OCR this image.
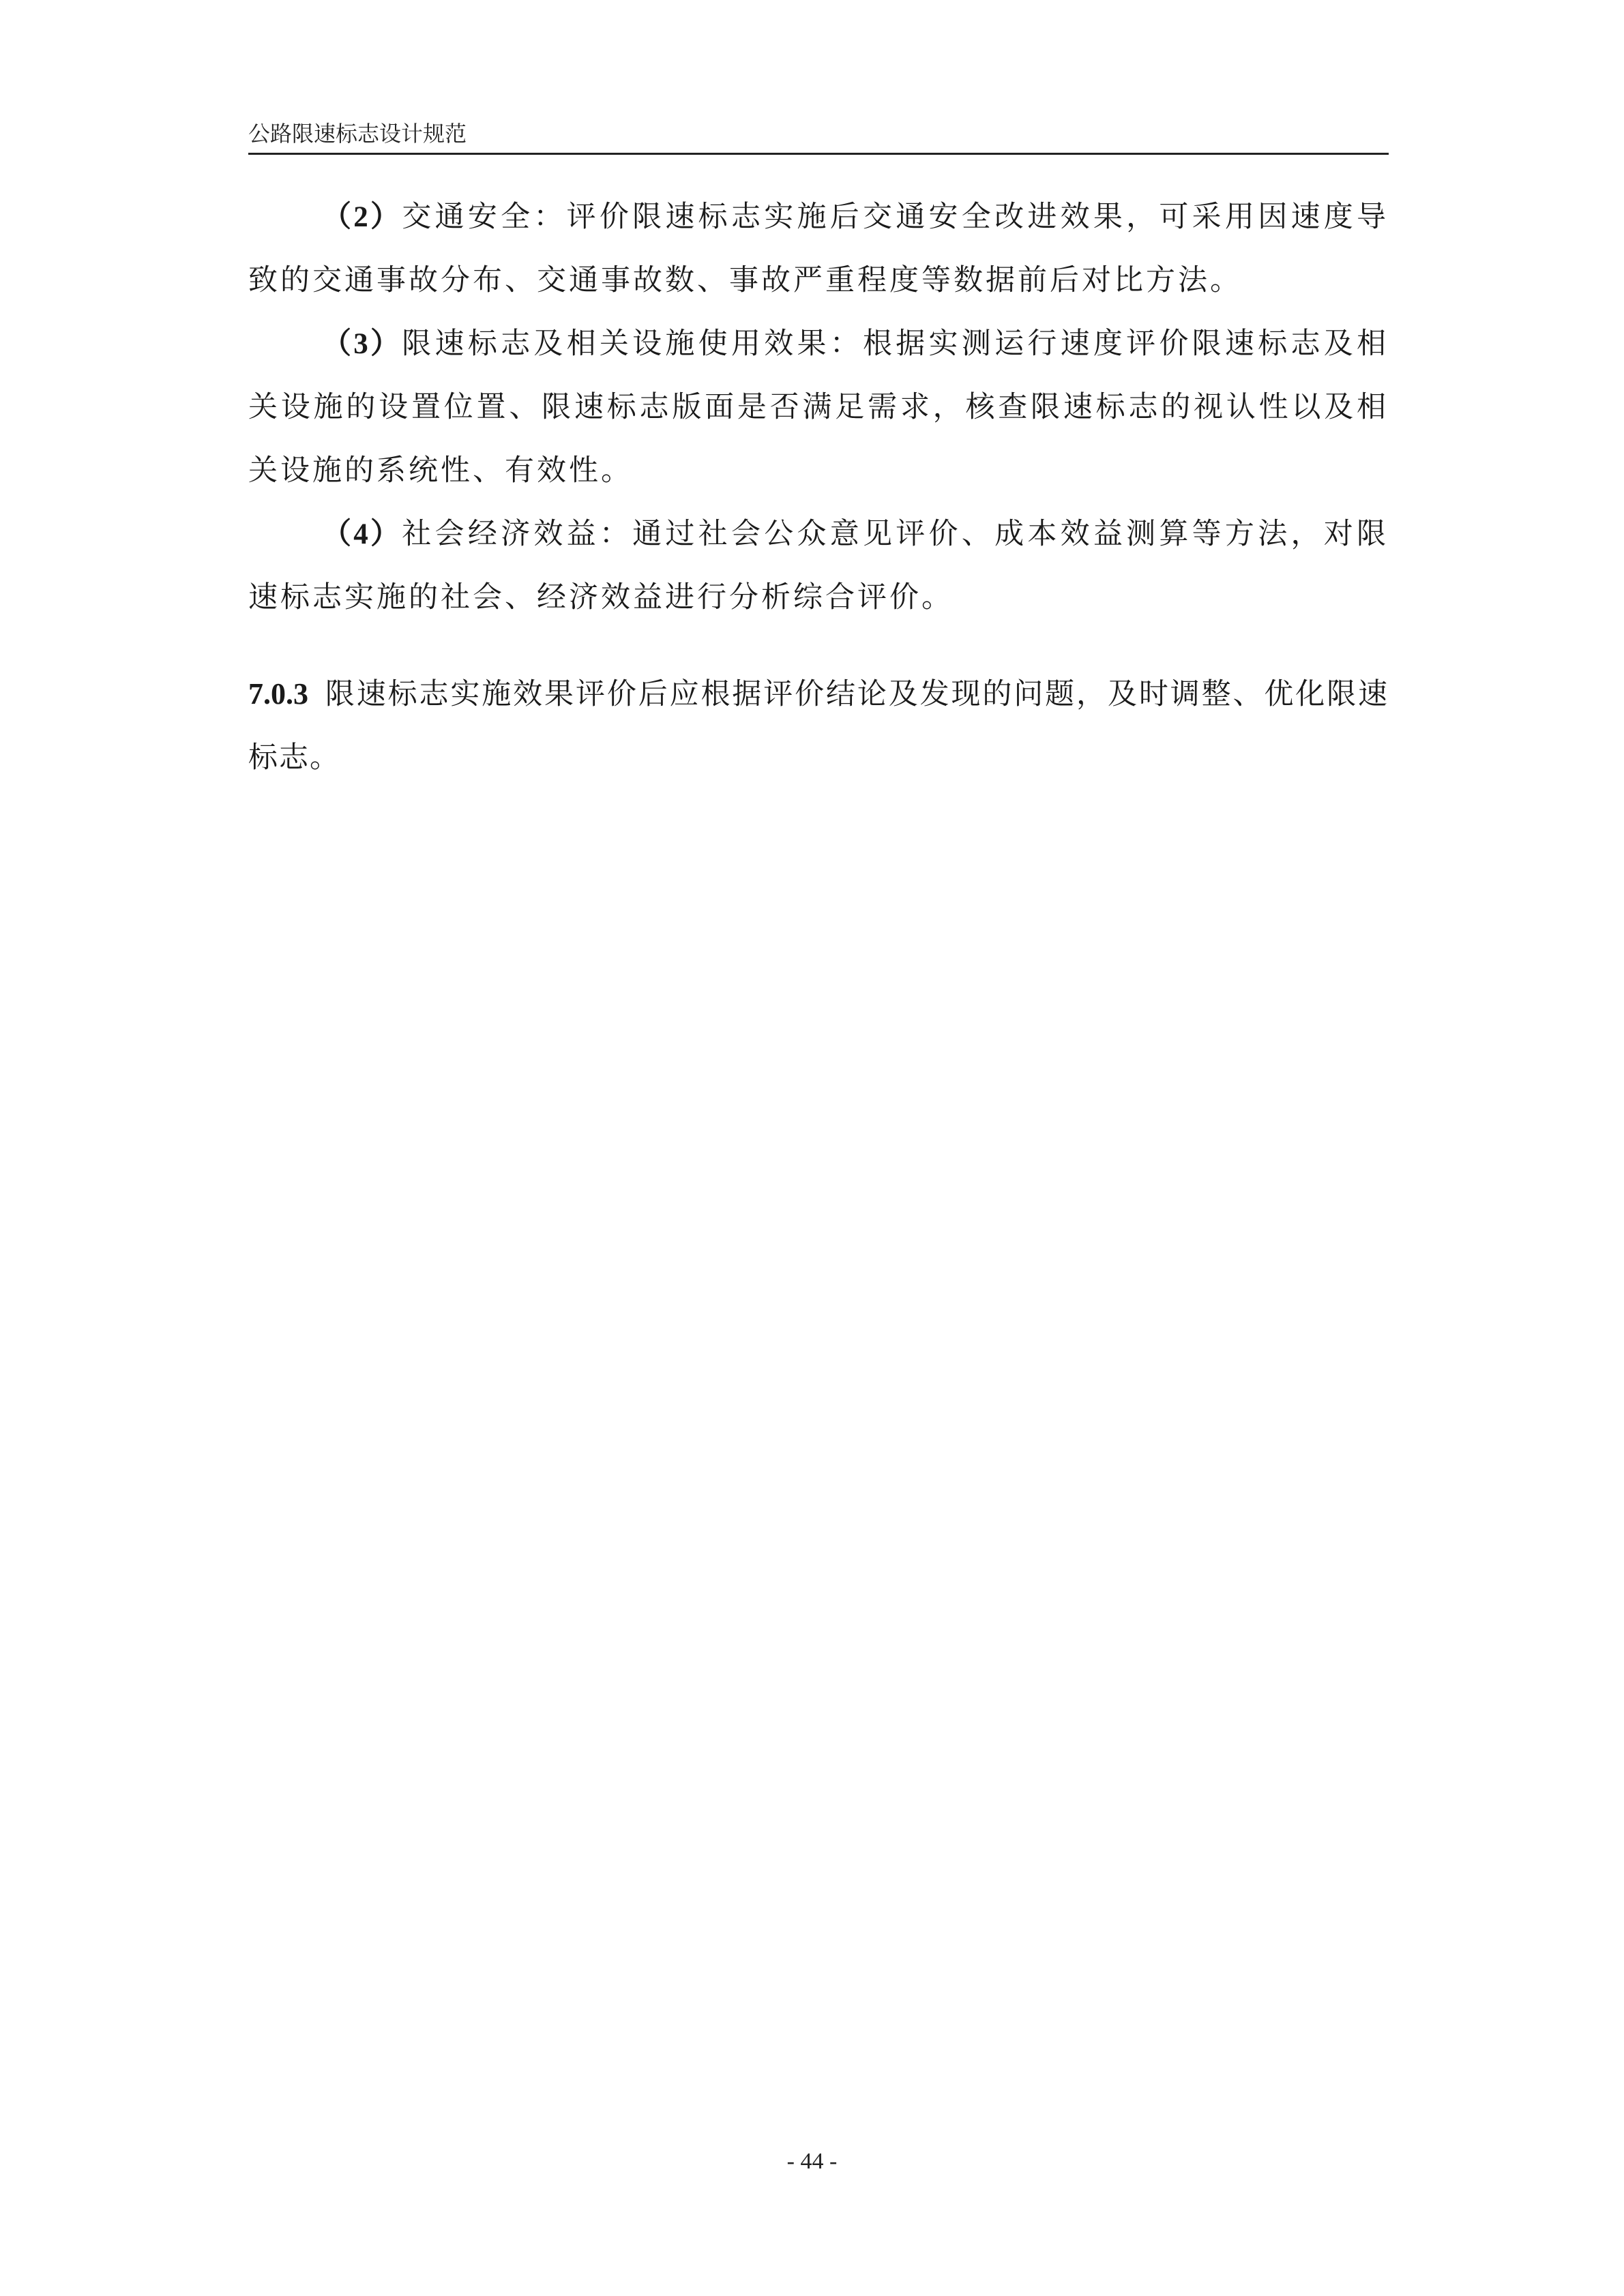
公路限速标志设计规范

（2）交通安全：评价限速标志实施后交通安全改进效果，可采用因速度导致的交通事故分布、交通事故数、事故严重程度等数据前后对比方法。

（3）限速标志及相关设施使用效果：根据实测运行速度评价限速标志及相关设施的设置位置、限速标志版面是否满足需求，核查限速标志的视认性以及相关设施的系统性、有效性。

（4）社会经济效益：通过社会公众意见评价、成本效益测算等方法，对限速标志实施的社会、经济效益进行分析综合评价。

7.0.3 限速标志实施效果评价后应根据评价结论及发现的问题，及时调整、优化限速标志。

- 44 -
